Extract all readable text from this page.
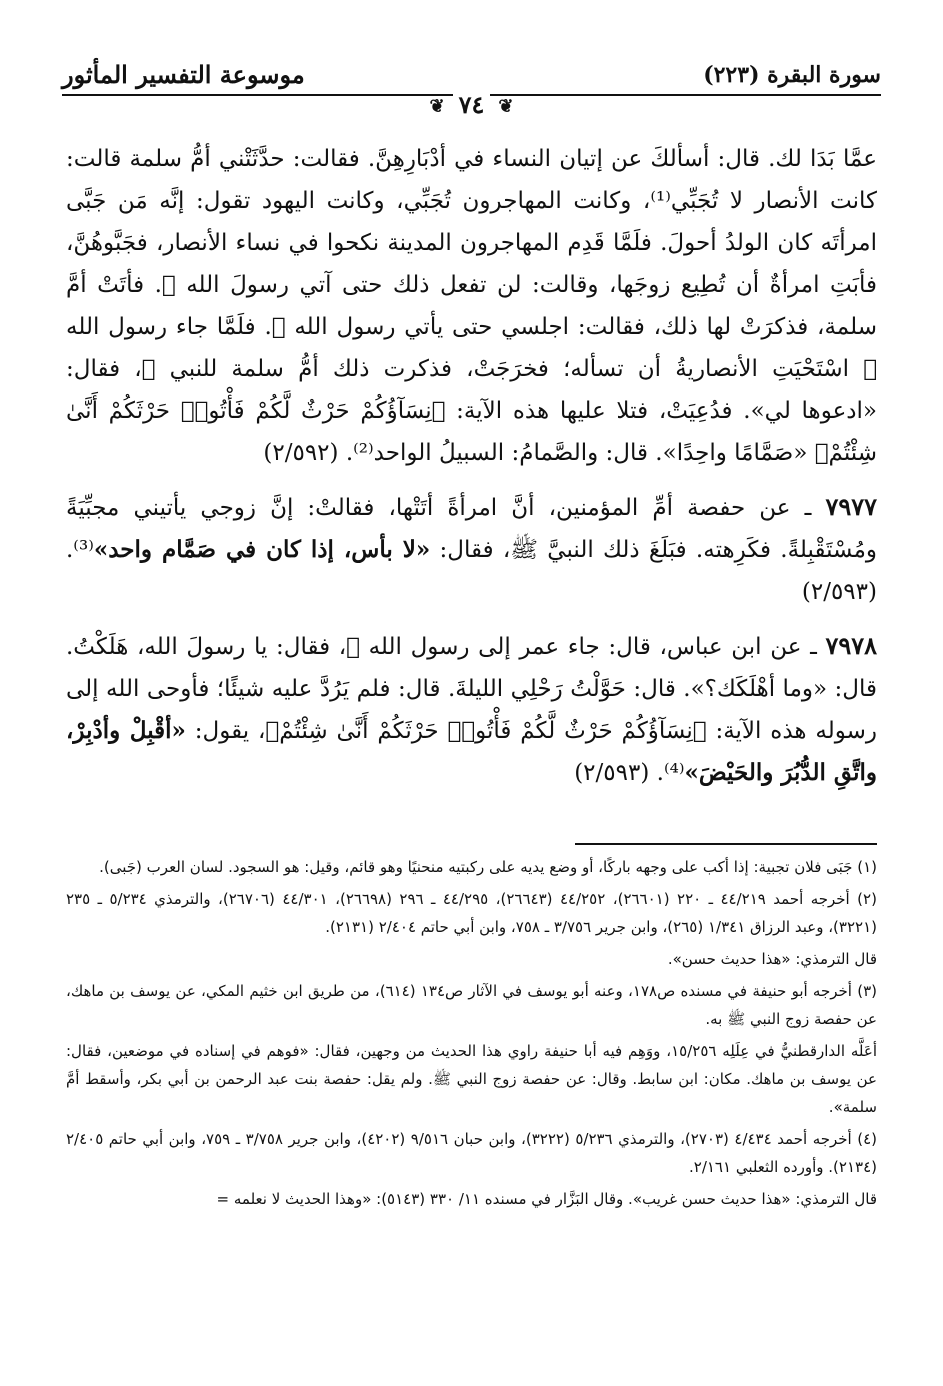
سورة البقرة (٢٢٣)
موسوعة التفسير المأثور
❦٧٤❦

عمَّا بَدَا لك. قال: أسألكَ عن إتيان النساء في أدْبَارِهِنَّ. فقالت: حدَّثَتْني أمُّ سلمة قالت: كانت الأنصار لا تُجَبِّي⁽¹⁾، وكانت المهاجرون تُجَبِّي، وكانت اليهود تقول: إنَّه مَن جَبَّى امرأتَه كان الولدُ أحولَ. فلَمَّا قَدِم المهاجرون المدينة نكحوا في نساء الأنصار، فجَبَّوهُنَّ، فأبَتِ امرأةٌ أن تُطِيع زوجَها، وقالت: لن تفعل ذلك حتى آتي رسولَ الله ﷺ. فأتَتْ أمَّ سلمة، فذكرَتْ لها ذلك، فقالت: اجلسي حتى يأتي رسول الله ﷺ. فلَمَّا جاء رسول الله ﷺ اسْتَحْيَتِ الأنصاريةُ أن تسأله؛ فخرَجَتْ، فذكرت ذلك أمُّ سلمة للنبي ﷺ، فقال: «ادعوها لي». فدُعِيَتْ، فتلا عليها هذه الآية: ﴿نِسَآؤُكُمْ حَرْثٌ لَّكُمْ فَأْتُوا۟ حَرْثَكُمْ أَنَّىٰ شِئْتُمْ﴾ «صَمَّامًا واحِدًا». قال: والصَّمامُ: السبيلُ الواحد⁽²⁾. (٢/٥٩٢)

٧٩٧٧ ـ عن حفصة أمِّ المؤمنين، أنَّ امرأةً أتَتْها، فقالتْ: إنَّ زوجي يأتيني مجبِّيَةً ومُسْتَقْبِلةً. فكَرِهته. فبَلَغَ ذلك النبيَّ ﷺ، فقال: «لا بأس، إذا كان في صَمَّام واحد»⁽³⁾. (٢/٥٩٣)

٧٩٧٨ ـ عن ابن عباس، قال: جاء عمر إلى رسول الله ﷺ، فقال: يا رسولَ الله، هَلَكْتُ. قال: «وما أهْلَكَك؟». قال: حَوَّلْتُ رَحْلِي الليلةَ. قال: فلم يَرُدَّ عليه شيئًا؛ فأوحى الله إلى رسوله هذه الآية: ﴿نِسَآؤُكُمْ حَرْثٌ لَّكُمْ فَأْتُوا۟ حَرْثَكُمْ أَنَّىٰ شِئْتُمْ﴾، يقول: «أقْبِلْ وأدْبِرْ، واتَّقِ الدُّبُرَ والحَيْضَ»⁽⁴⁾. (٢/٥٩٣)

(١) جَبَى فلان تجبية: إذا أكب على وجهه باركًا، أو وضع يديه على ركبتيه منحنيًا وهو قائم، وقيل: هو السجود. لسان العرب (جَبى).

(٢) أخرجه أحمد ٤٤/٢١٩ ـ ٢٢٠ (٢٦٦٠١)، ٤٤/٢٥٢ (٢٦٦٤٣)، ٤٤/٢٩٥ ـ ٢٩٦ (٢٦٦٩٨)، ٤٤/٣٠١ (٢٦٧٠٦)، والترمذي ٥/٢٣٤ ـ ٢٣٥ (٣٢٢١)، وعبد الرزاق ١/٣٤١ (٢٦٥)، وابن جرير ٣/٧٥٦ ـ ٧٥٨، وابن أبي حاتم ٢/٤٠٤ (٢١٣١).

قال الترمذي: «هذا حديث حسن».

(٣) أخرجه أبو حنيفة في مسنده ص١٧٨، وعنه أبو يوسف في الآثار ص١٣٤ (٦١٤)، من طريق ابن خثيم المكي، عن يوسف بن ماهك، عن حفصة زوج النبي ﷺ به.

أعَلَّه الدارقطنيُّ في عِلَلِه ١٥/٢٥٦، ووَهِم فيه أبا حنيفة راوي هذا الحديث من وجهين، فقال: «فوهم في إسناده في موضعين، فقال: عن يوسف بن ماهك. مكان: ابن سابط. وقال: عن حفصة زوج النبي ﷺ. ولم يقل: حفصة بنت عبد الرحمن بن أبي بكر، وأسقط أمَّ سلمة».

(٤) أخرجه أحمد ٤/٤٣٤ (٢٧٠٣)، والترمذي ٥/٢٣٦ (٣٢٢٢)، وابن حبان ٩/٥١٦ (٤٢٠٢)، وابن جرير ٣/٧٥٨ ـ ٧٥٩، وابن أبي حاتم ٢/٤٠٥ (٢١٣٤). وأورده الثعلبي ٢/١٦١.

قال الترمذي: «هذا حديث حسن غريب». وقال البَزَّار في مسنده ١١/ ٣٣٠ (٥١٤٣): «وهذا الحديث لا نعلمه =
